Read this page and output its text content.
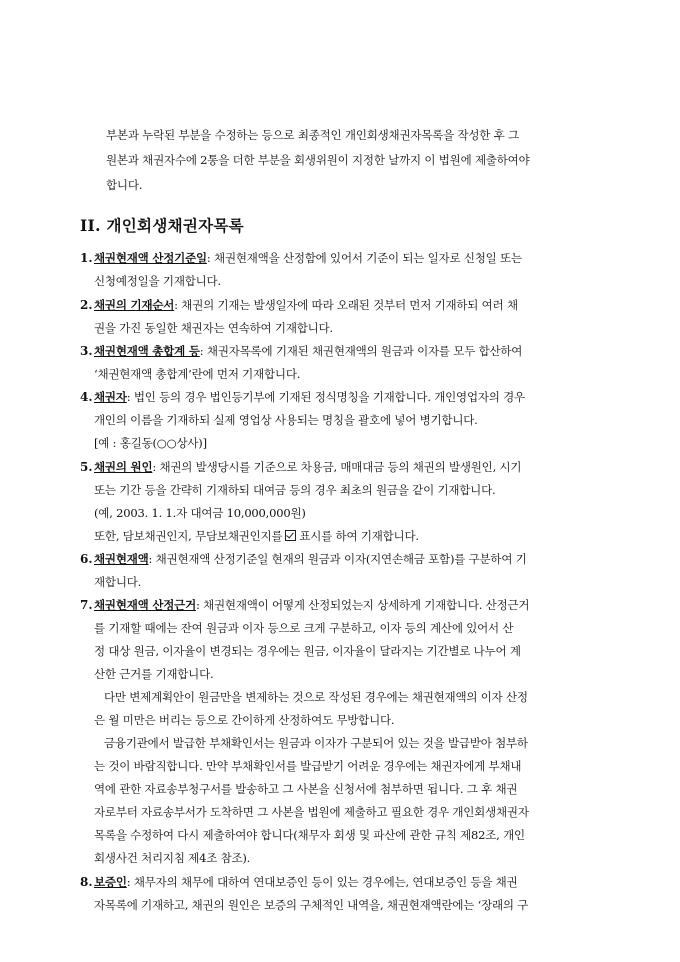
부본과 누락된 부분을 수정하는 등으로 최종적인 개인회생채권자목록을 작성한 후 그
원본과 채권자수에 2통을 더한 부분을 회생위원이 지정한 날까지 이 법원에 제출하여야
합니다.
II. 개인회생채권자목록
1. 채권현재액 산정기준일: 채권현재액을 산정함에 있어서 기준이 되는 일자로 신청일 또는
신청예정일을 기재합니다.
2. 채권의 기재순서: 채권의 기재는 발생일자에 따라 오래된 것부터 먼저 기재하되 여러 채
권을 가진 동일한 채권자는 연속하여 기재합니다.
3. 채권현재액 총합계 등: 채권자목록에 기재된 채권현재액의 원금과 이자를 모두 합산하여
‘채권현재액 총합계’란에 먼저 기재합니다.
4. 채권자: 법인 등의 경우 법인등기부에 기재된 정식명칭을 기재합니다. 개인영업자의 경우
개인의 이름을 기재하되 실제 영업상 사용되는 명칭을 괄호에 넣어 병기합니다.
[예 : 홍길동(○○상사)]
5. 채권의 원인: 채권의 발생당시를 기준으로 차용금, 매매대금 등의 채권의 발생원인, 시기
또는 기간 등을 간략히 기재하되 대여금 등의 경우 최초의 원금을 같이 기재합니다.
(예, 2003. 1. 1.자 대여금 10,000,000원)
또한, 담보채권인지, 무담보채권인지를 표시를 하여 기재합니다.
6. 채권현재액: 채권현재액 산정기준일 현재의 원금과 이자(지연손해금 포함)를 구분하여 기
재합니다.
7. 채권현재액 산정근거: 채권현재액이 어떻게 산정되었는지 상세하게 기재합니다. 산정근거
를 기재할 때에는 잔여 원금과 이자 등으로 크게 구분하고, 이자 등의 계산에 있어서 산
정 대상 원금, 이자율이 변경되는 경우에는 원금, 이자율이 달라지는 기간별로 나누어 계
산한 근거를 기재합니다.
다만 변제계획안이 원금만을 변제하는 것으로 작성된 경우에는 채권현재액의 이자 산정
은 월 미만은 버리는 등으로 간이하게 산정하여도 무방합니다.
금융기관에서 발급한 부채확인서는 원금과 이자가 구분되어 있는 것을 발급받아 첨부하
는 것이 바람직합니다. 만약 부채확인서를 발급받기 어려운 경우에는 채권자에게 부채내
역에 관한 자료송부청구서를 발송하고 그 사본을 신청서에 첨부하면 됩니다. 그 후 채권
자로부터 자료송부서가 도착하면 그 사본을 법원에 제출하고 필요한 경우 개인회생채권자
목록을 수정하여 다시 제출하여야 합니다(채무자 회생 및 파산에 관한 규칙 제82조, 개인
회생사건 처리지침 제4조 참조).
8. 보증인: 채무자의 채무에 대하여 연대보증인 등이 있는 경우에는, 연대보증인 등을 채권
자목록에 기재하고, 채권의 원인은 보증의 구체적인 내역을, 채권현재액란에는 ‘장래의 구
